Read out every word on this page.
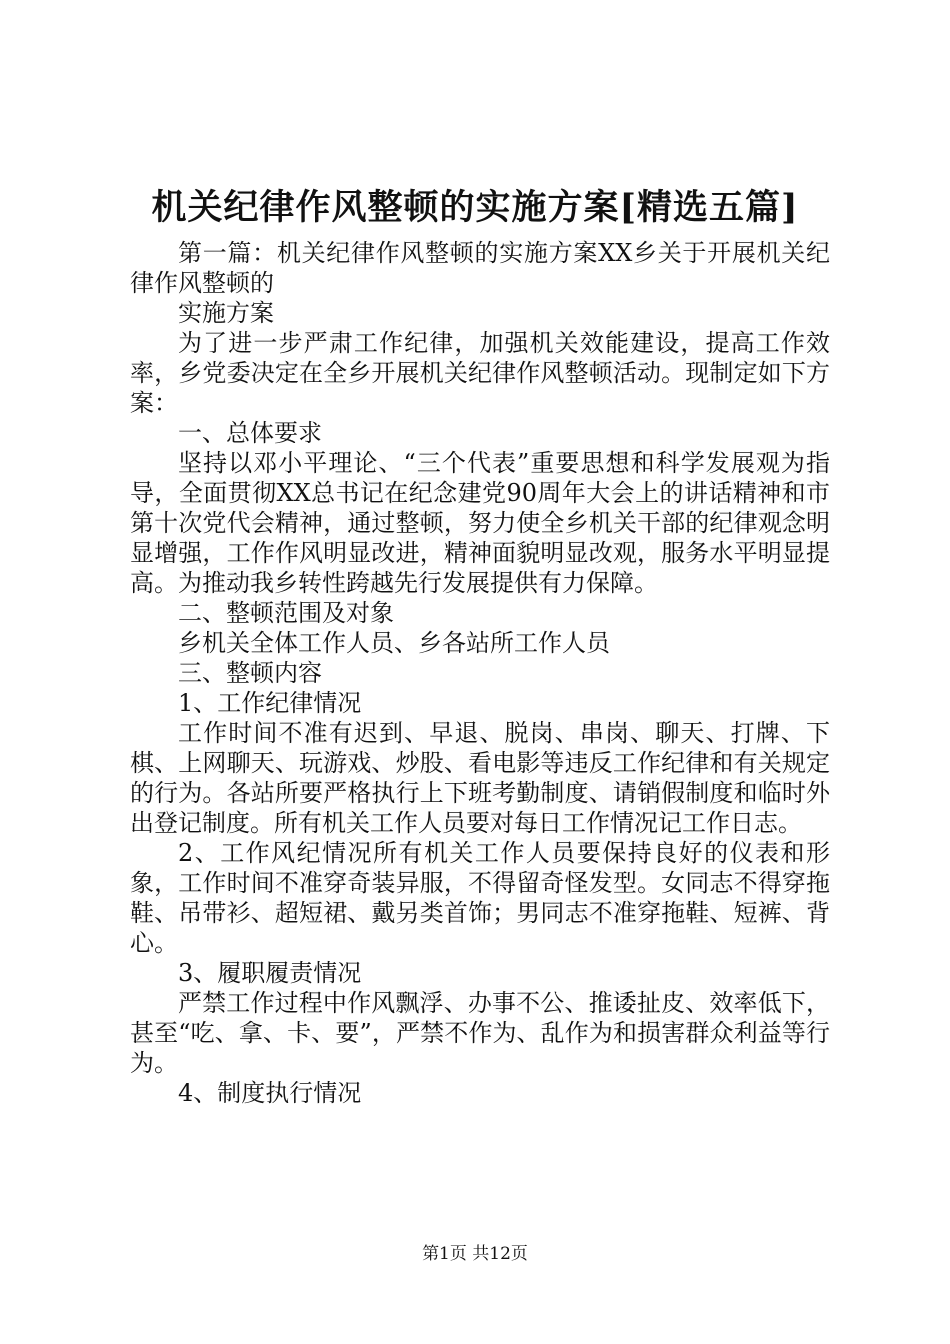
机关纪律作风整顿的实施方案[精选五篇]

第一篇：机关纪律作风整顿的实施方案XX乡关于开展机关纪律作风整顿的

实施方案

为了进一步严肃工作纪律，加强机关效能建设，提高工作效率，乡党委决定在全乡开展机关纪律作风整顿活动。现制定如下方案：

一、总体要求

坚持以邓小平理论、“三个代表”重要思想和科学发展观为指导，全面贯彻XX总书记在纪念建党90周年大会上的讲话精神和市第十次党代会精神，通过整顿，努力使全乡机关干部的纪律观念明显增强，工作作风明显改进，精神面貌明显改观，服务水平明显提高。为推动我乡转性跨越先行发展提供有力保障。

二、整顿范围及对象

乡机关全体工作人员、乡各站所工作人员

三、整顿内容

1、工作纪律情况

工作时间不准有迟到、早退、脱岗、串岗、聊天、打牌、下棋、上网聊天、玩游戏、炒股、看电影等违反工作纪律和有关规定的行为。各站所要严格执行上下班考勤制度、请销假制度和临时外出登记制度。所有机关工作人员要对每日工作情况记工作日志。

2、工作风纪情况所有机关工作人员要保持良好的仪表和形象，工作时间不准穿奇装异服，不得留奇怪发型。女同志不得穿拖鞋、吊带衫、超短裙、戴另类首饰；男同志不准穿拖鞋、短裤、背心。

3、履职履责情况

严禁工作过程中作风飘浮、办事不公、推诿扯皮、效率低下，甚至“吃、拿、卡、要”，严禁不作为、乱作为和损害群众利益等行为。

4、制度执行情况

第1页 共12页
